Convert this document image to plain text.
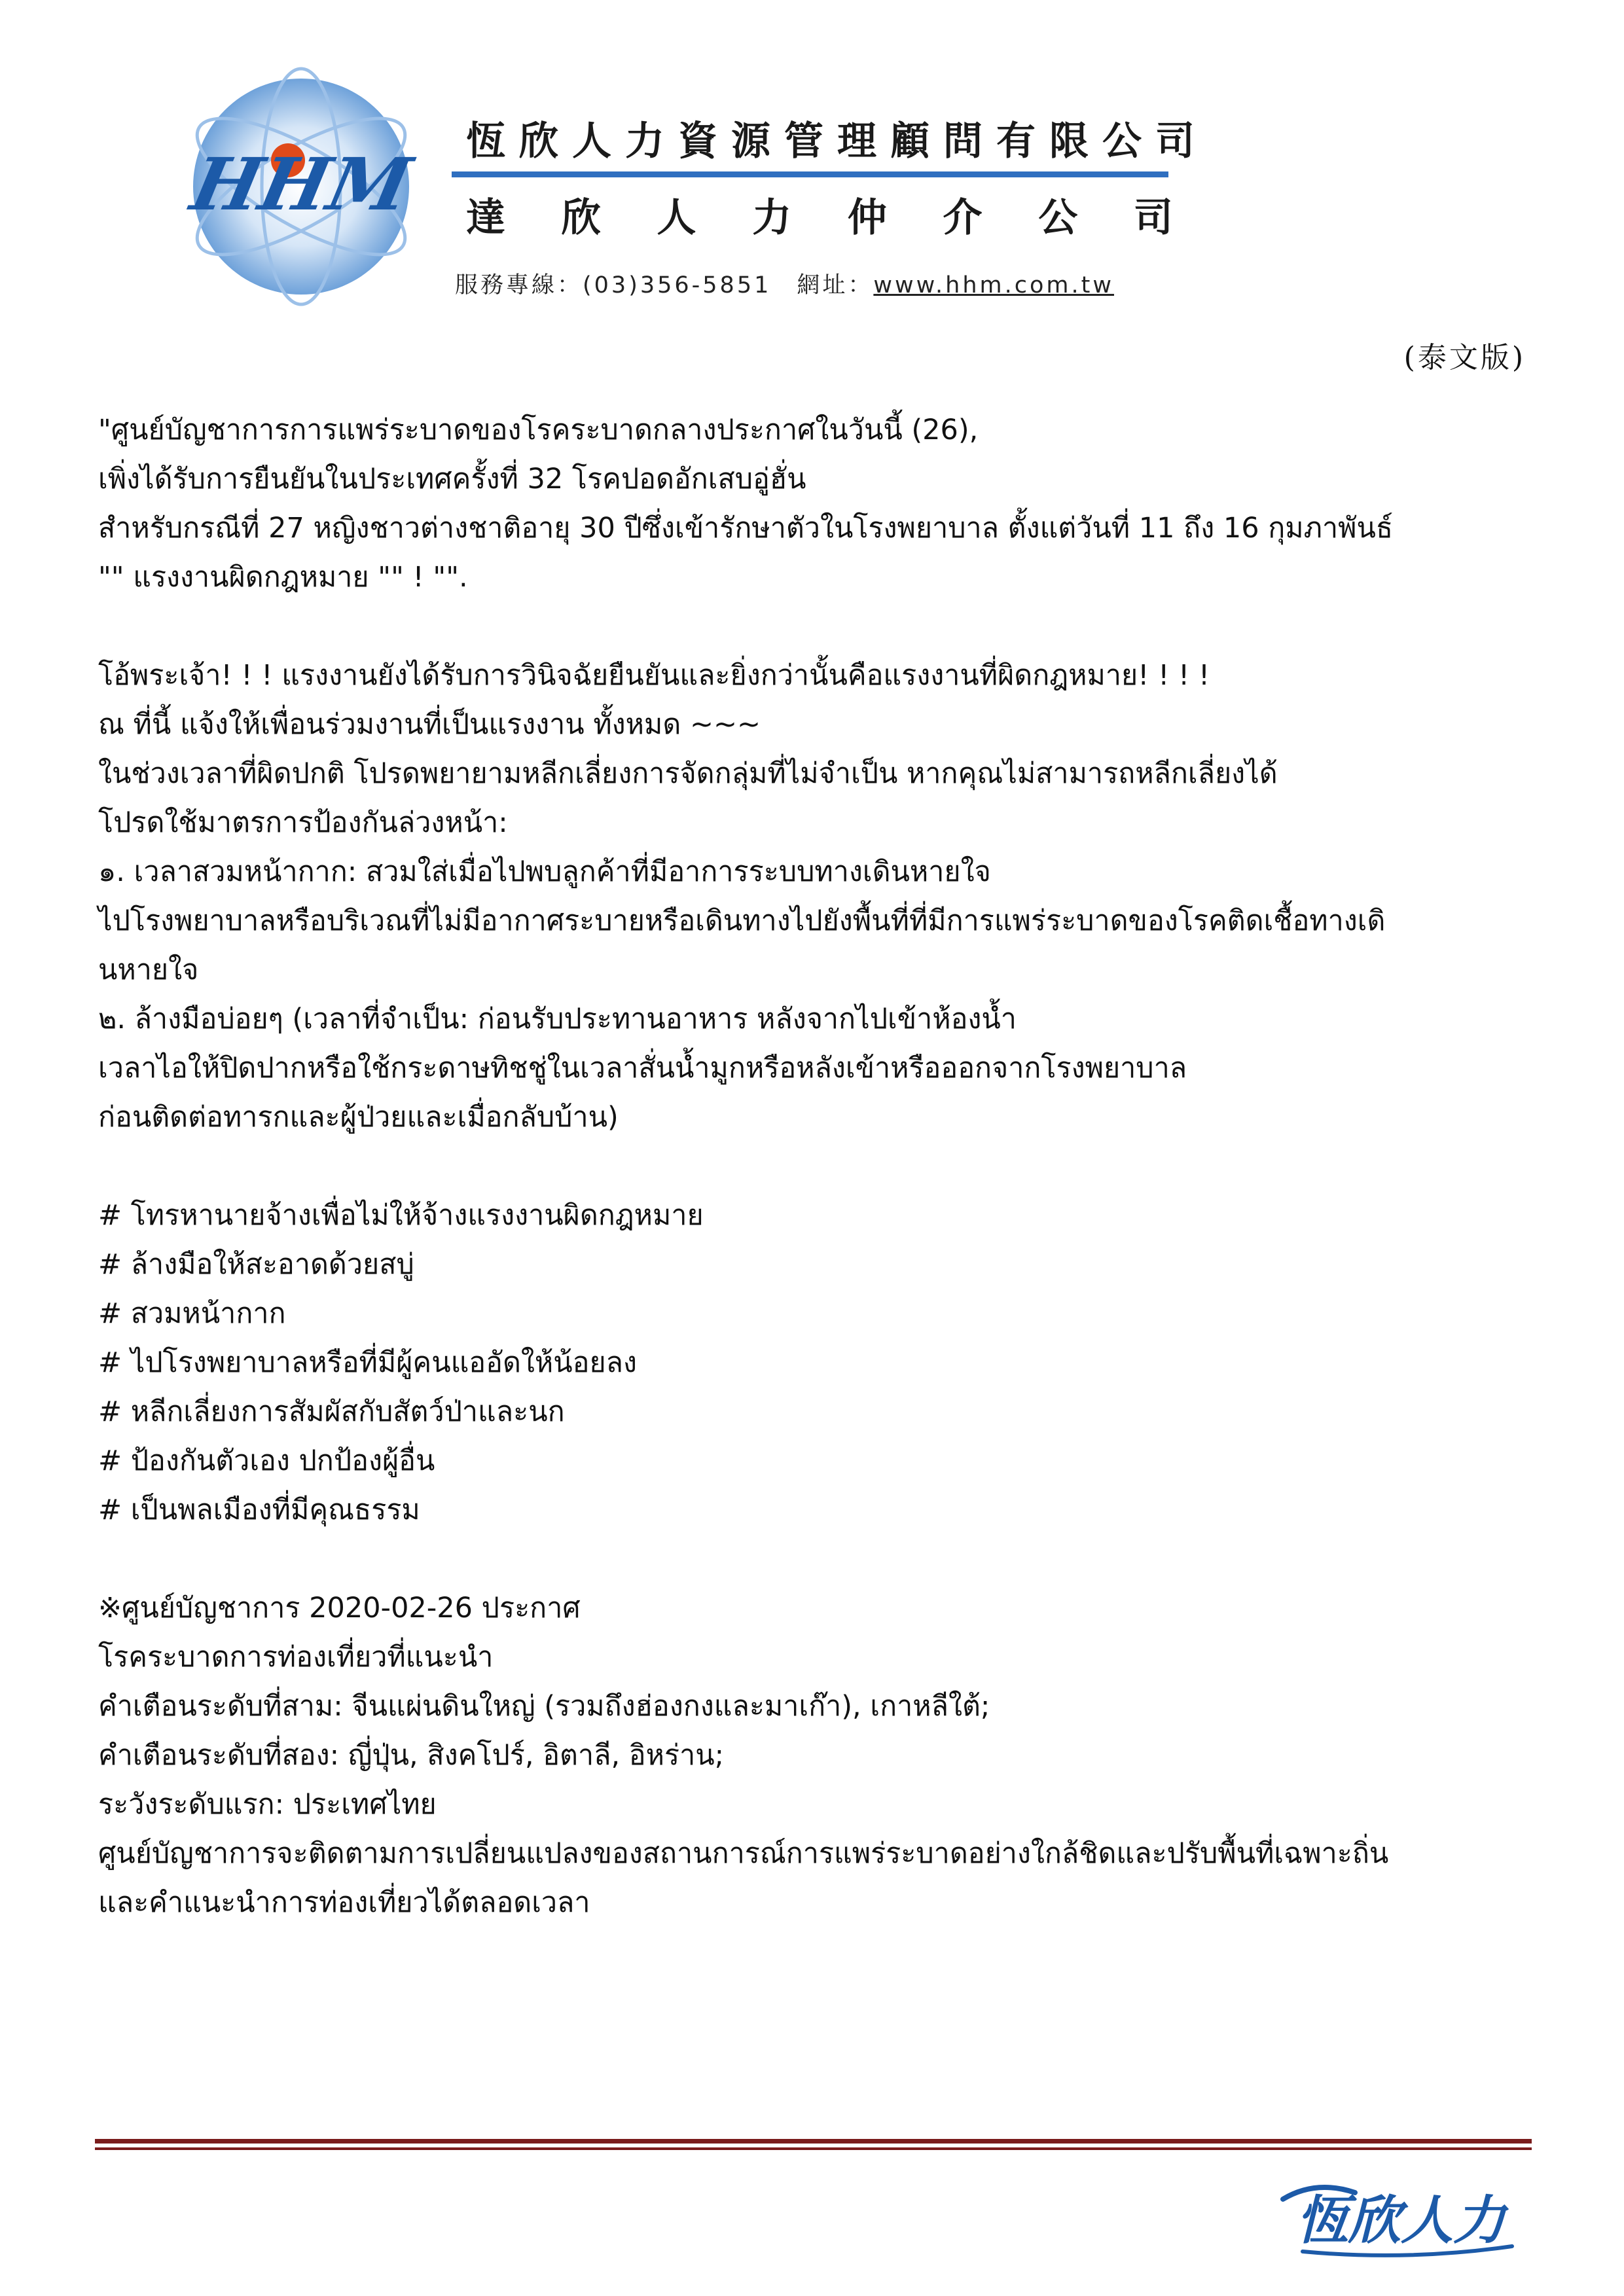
HHM
恆欣人力資源管理顧問有限公司
達 欣 人 力 仲 介 公 司
服務專線：(03)356-5851　網址：www.hhm.com.tw
(泰文版)

"ศูนย์บัญชาการการแพร่ระบาดของโรคระบาดกลางประกาศในวันนี้ (26),

เพิ่งได้รับการยืนยันในประเทศครั้งที่ 32 โรคปอดอักเสบอู่ฮั่น

สำหรับกรณีที่ 27 หญิงชาวต่างชาติอายุ 30 ปีซึ่งเข้ารักษาตัวในโรงพยาบาล ตั้งแต่วันที่ 11 ถึง 16 กุมภาพันธ์

"" แรงงานผิดกฎหมาย "" ! "".

โอ้พระเจ้า! ! ! แรงงานยังได้รับการวินิจฉัยยืนยันและยิ่งกว่านั้นคือแรงงานที่ผิดกฎหมาย! ! ! !

ณ ที่นี้ แจ้งให้เพื่อนร่วมงานที่เป็นแรงงาน ทั้งหมด ~~~

ในช่วงเวลาที่ผิดปกติ โปรดพยายามหลีกเลี่ยงการจัดกลุ่มที่ไม่จำเป็น หากคุณไม่สามารถหลีกเลี่ยงได้

โปรดใช้มาตรการป้องกันล่วงหน้า:

๑. เวลาสวมหน้ากาก: สวมใส่เมื่อไปพบลูกค้าที่มีอาการระบบทางเดินหายใจ

ไปโรงพยาบาลหรือบริเวณที่ไม่มีอากาศระบายหรือเดินทางไปยังพื้นที่ที่มีการแพร่ระบาดของโรคติดเชื้อทางเดิ

นหายใจ

๒. ล้างมือบ่อยๆ (เวลาที่จำเป็น: ก่อนรับประทานอาหาร หลังจากไปเข้าห้องน้ำ

เวลาไอให้ปิดปากหรือใช้กระดาษทิชชู่ในเวลาสั่นน้ำมูกหรือหลังเข้าหรือออกจากโรงพยาบาล

ก่อนติดต่อทารกและผู้ป่วยและเมื่อกลับบ้าน)

# โทรหานายจ้างเพื่อไม่ให้จ้างแรงงานผิดกฎหมาย

# ล้างมือให้สะอาดด้วยสบู่

# สวมหน้ากาก

# ไปโรงพยาบาลหรือที่มีผู้คนแออัดให้น้อยลง

# หลีกเลี่ยงการสัมผัสกับสัตว์ป่าและนก

# ป้องกันตัวเอง ปกป้องผู้อื่น

# เป็นพลเมืองที่มีคุณธรรม

※ศูนย์บัญชาการ 2020-02-26 ประกาศ

โรคระบาดการท่องเที่ยวที่แนะนำ

คำเตือนระดับที่สาม: จีนแผ่นดินใหญ่ (รวมถึงฮ่องกงและมาเก๊า), เกาหลีใต้;

คำเตือนระดับที่สอง: ญี่ปุ่น, สิงคโปร์, อิตาลี, อิหร่าน;

ระวังระดับแรก: ประเทศไทย

ศูนย์บัญชาการจะติดตามการเปลี่ยนแปลงของสถานการณ์การแพร่ระบาดอย่างใกล้ชิดและปรับพื้นที่เฉพาะถิ่น

และคำแนะนำการท่องเที่ยวได้ตลอดเวลา

恆欣人力
